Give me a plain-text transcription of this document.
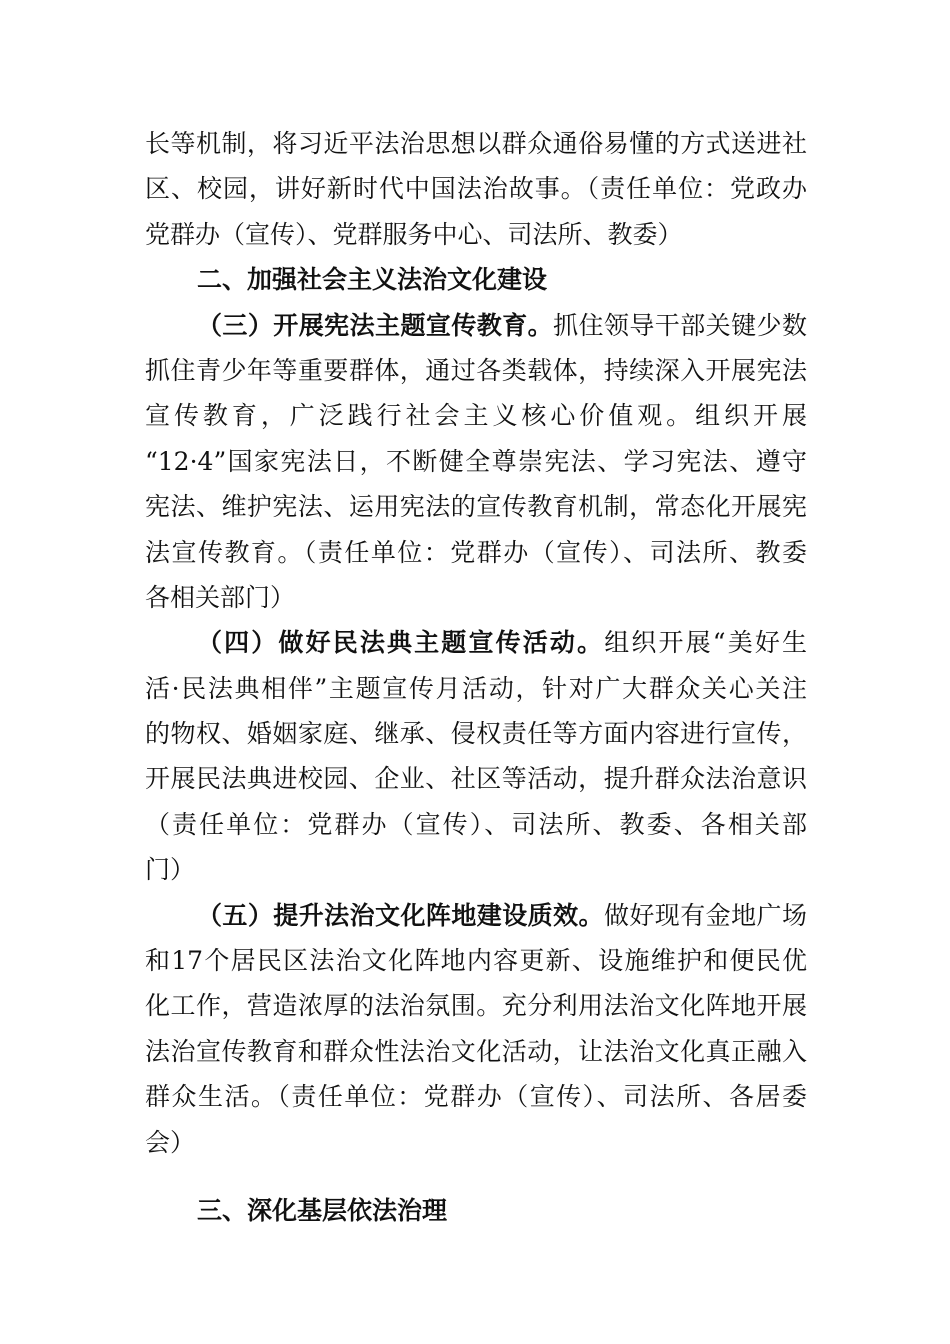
长等机制，将习近平法治思想以群众通俗易懂的方式送进社
区、校园，讲好新时代中国法治故事。（责任单位：党政办
党群办（宣传）、党群服务中心、司法所、教委）
二、加强社会主义法治文化建设
（三）开展宪法主题宣传教育。抓住领导干部关键少数
抓住青少年等重要群体，通过各类载体，持续深入开展宪法
宣传教育，广泛践行社会主义核心价值观。组织开展
“12·4”国家宪法日，不断健全尊崇宪法、学习宪法、遵守
宪法、维护宪法、运用宪法的宣传教育机制，常态化开展宪
法宣传教育。（责任单位：党群办（宣传）、司法所、教委
各相关部门）
（四）做好民法典主题宣传活动。组织开展“美好生
活·民法典相伴”主题宣传月活动，针对广大群众关心关注
的物权、婚姻家庭、继承、侵权责任等方面内容进行宣传，
开展民法典进校园、企业、社区等活动，提升群众法治意识
（责任单位：党群办（宣传）、司法所、教委、各相关部
门）
（五）提升法治文化阵地建设质效。做好现有金地广场
和17个居民区法治文化阵地内容更新、设施维护和便民优
化工作，营造浓厚的法治氛围。充分利用法治文化阵地开展
法治宣传教育和群众性法治文化活动，让法治文化真正融入
群众生活。（责任单位：党群办（宣传）、司法所、各居委
会）
三、深化基层依法治理
